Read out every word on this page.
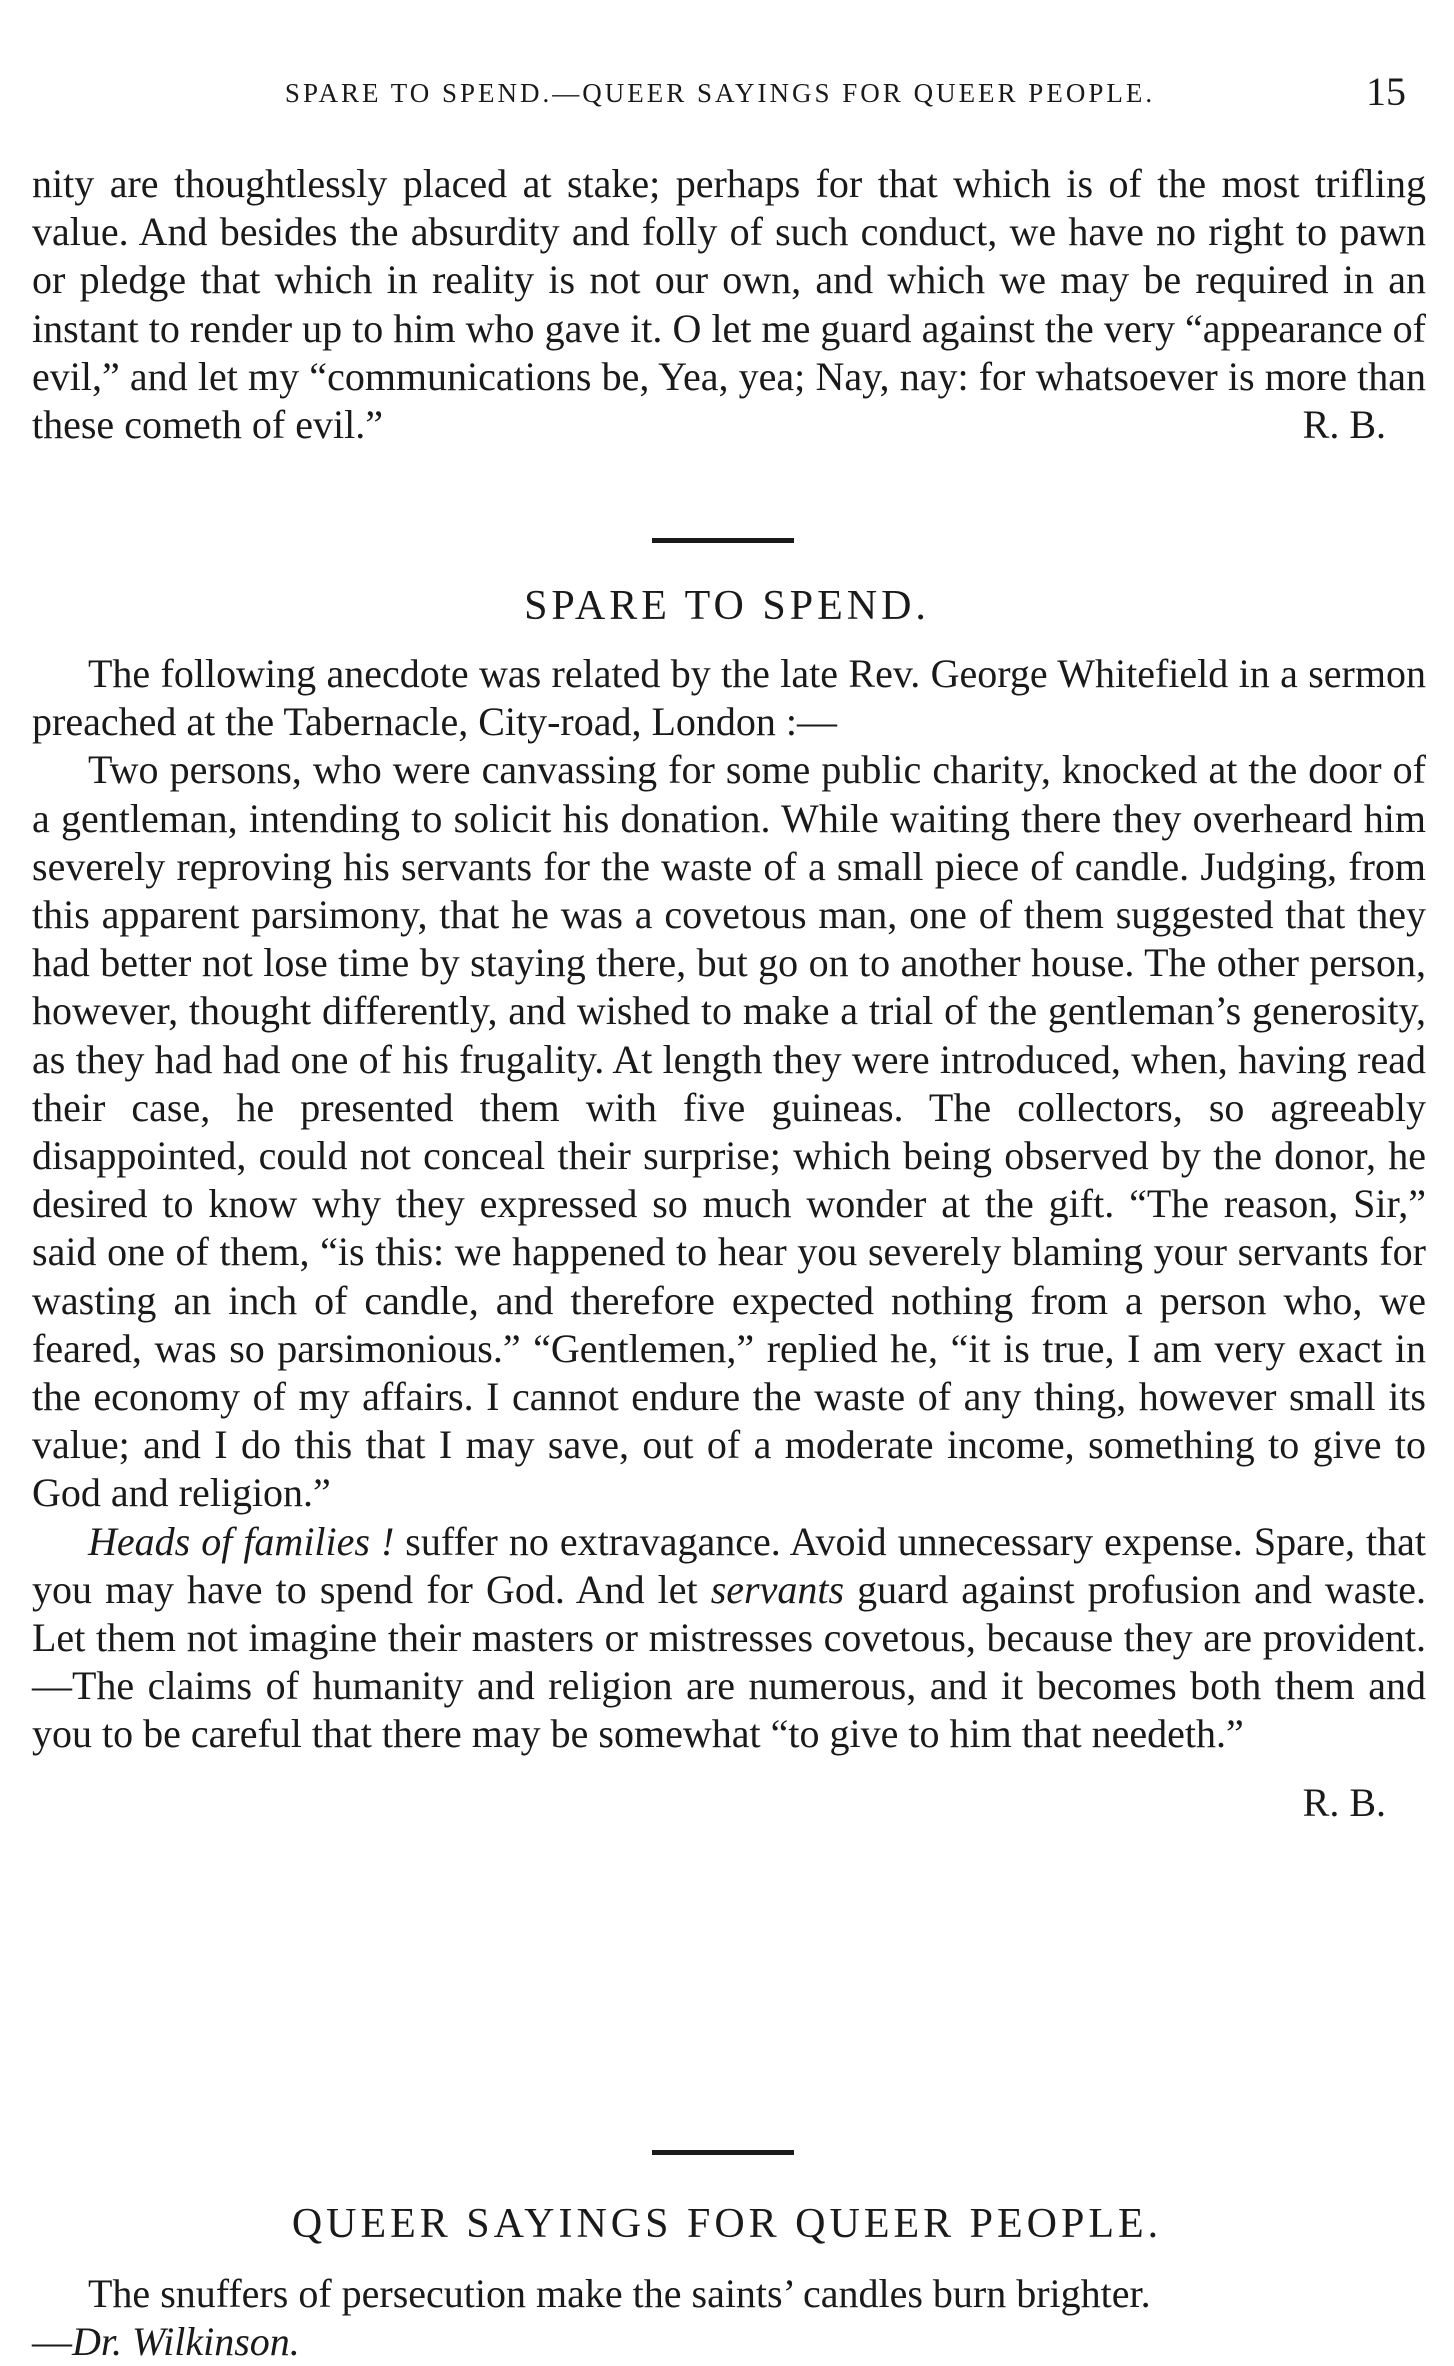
SPARE TO SPEND.—QUEER SAYINGS FOR QUEER PEOPLE.	15

nity are thoughtlessly placed at stake; perhaps for that which is of the most trifling value. And besides the absurdity and folly of such conduct, we have no right to pawn or pledge that which in reality is not our own, and which we may be required in an instant to render up to him who gave it. O let me guard against the very “appearance of evil,” and let my “communications be, Yea, yea; Nay, nay: for whatsoever is more than these cometh of evil.”	R. B.
SPARE TO SPEND.

The following anecdote was related by the late Rev. George Whitefield in a sermon preached at the Tabernacle, City-road, London :—

Two persons, who were canvassing for some public charity, knocked at the door of a gentleman, intending to solicit his donation. While waiting there they overheard him severely reproving his servants for the waste of a small piece of candle. Judging, from this apparent parsimony, that he was a covetous man, one of them suggested that they had better not lose time by staying there, but go on to another house. The other person, however, thought differently, and wished to make a trial of the gentleman’s generosity, as they had had one of his frugality. At length they were introduced, when, having read their case, he presented them with five guineas. The collectors, so agreeably disappointed, could not conceal their surprise; which being observed by the donor, he desired to know why they expressed so much wonder at the gift. “The reason, Sir,” said one of them, “is this: we happened to hear you severely blaming your servants for wasting an inch of candle, and therefore expected nothing from a person who, we feared, was so parsimonious.” “Gentlemen,” replied he, “it is true, I am very exact in the economy of my affairs. I cannot endure the waste of any thing, however small its value; and I do this that I may save, out of a moderate income, something to give to God and religion.”

Heads of families ! suffer no extravagance. Avoid unnecessary expense. Spare, that you may have to spend for God. And let servants guard against profusion and waste. Let them not imagine their masters or mistresses covetous, because they are provident.—The claims of humanity and religion are numerous, and it becomes both them and you to be careful that there may be somewhat “to give to him that needeth.”

R. B.
QUEER SAYINGS FOR QUEER PEOPLE.

The snuffers of persecution make the saints’ candles burn brighter.

—Dr. Wilkinson.
